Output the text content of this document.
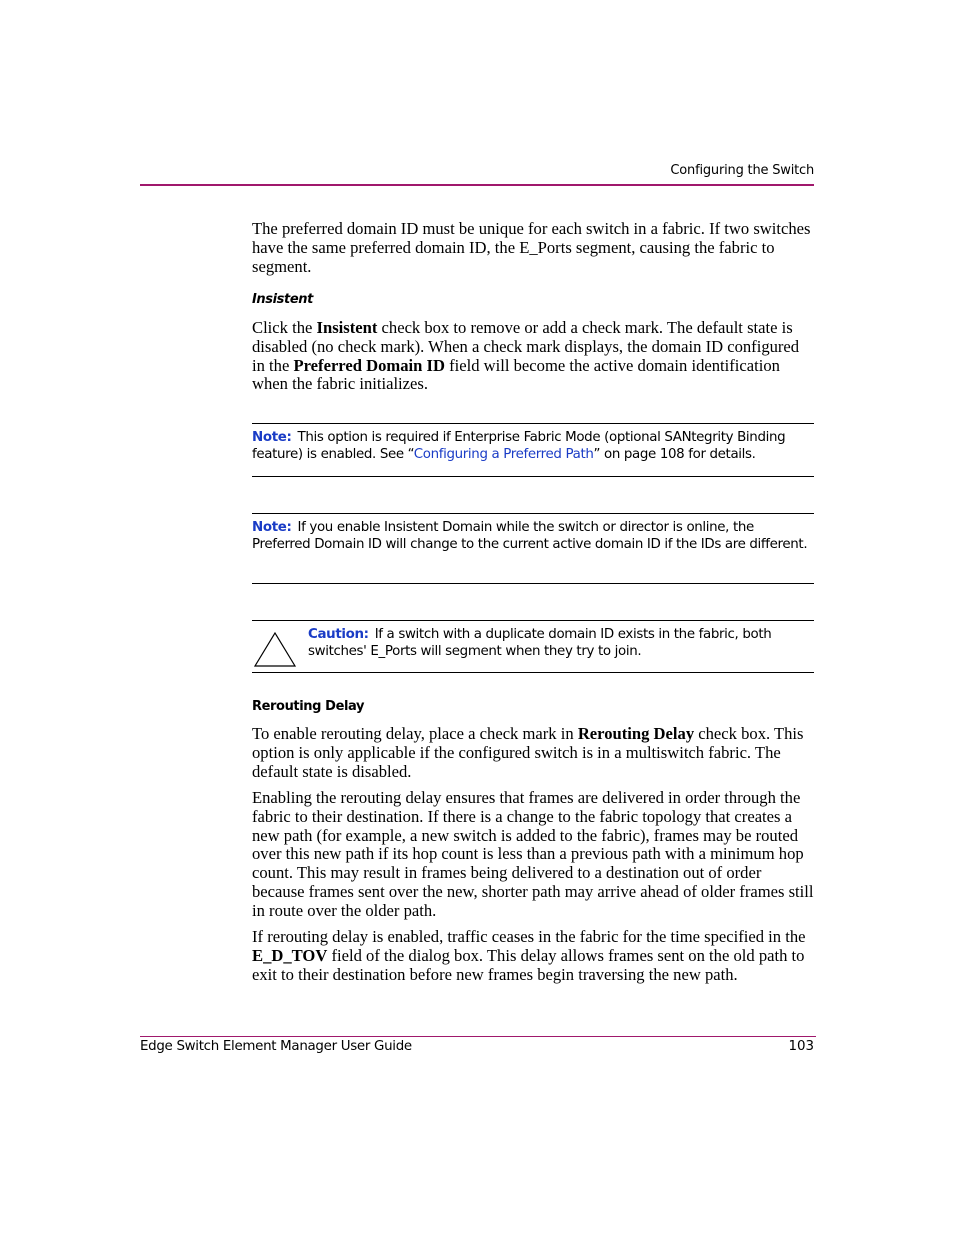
Configuring the Switch

The preferred domain ID must be unique for each switch in a fabric. If two switches have the same preferred domain ID, the E_Ports segment, causing the fabric to segment.

Insistent

Click the Insistent check box to remove or add a check mark. The default state is disabled (no check mark). When a check mark displays, the domain ID configured in the Preferred Domain ID field will become the active domain identification when the fabric initializes.

Note: This option is required if Enterprise Fabric Mode (optional SANtegrity Binding feature) is enabled. See “Configuring a Preferred Path” on page 108 for details.

Note: If you enable Insistent Domain while the switch or director is online, the Preferred Domain ID will change to the current active domain ID if the IDs are different.

Caution: If a switch with a duplicate domain ID exists in the fabric, both switches' E_Ports will segment when they try to join.

Rerouting Delay

To enable rerouting delay, place a check mark in Rerouting Delay check box. This option is only applicable if the configured switch is in a multiswitch fabric. The default state is disabled.

Enabling the rerouting delay ensures that frames are delivered in order through the fabric to their destination. If there is a change to the fabric topology that creates a new path (for example, a new switch is added to the fabric), frames may be routed over this new path if its hop count is less than a previous path with a minimum hop count. This may result in frames being delivered to a destination out of order because frames sent over the new, shorter path may arrive ahead of older frames still in route over the older path.

If rerouting delay is enabled, traffic ceases in the fabric for the time specified in the E_D_TOV field of the dialog box. This delay allows frames sent on the old path to exit to their destination before new frames begin traversing the new path.

Edge Switch Element Manager User Guide	103
